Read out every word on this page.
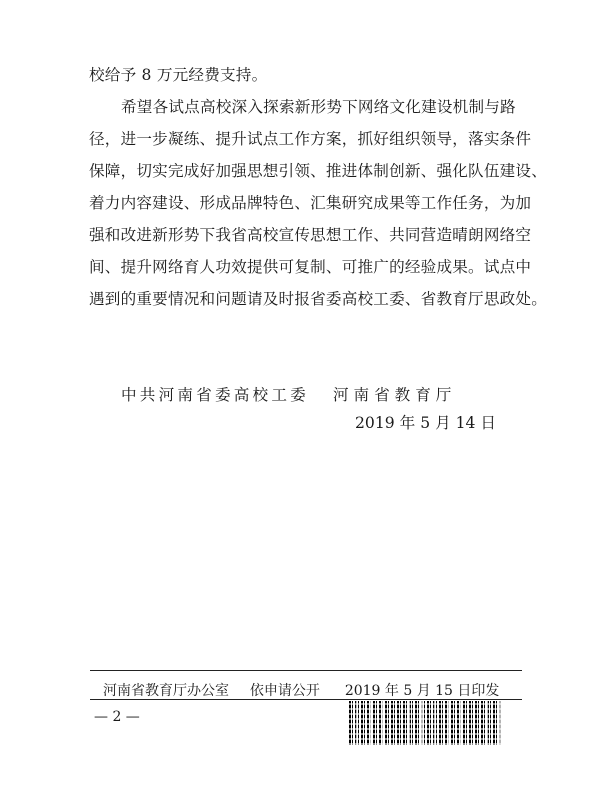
校给予 8 万元经费支持。
希望各试点高校深入探索新形势下网络文化建设机制与路
径，进一步凝练、提升试点工作方案，抓好组织领导，落实条件
保障，切实完成好加强思想引领、推进体制创新、强化队伍建设、
着力内容建设、形成品牌特色、汇集研究成果等工作任务，为加
强和改进新形势下我省高校宣传思想工作、共同营造晴朗网络空
间、提升网络育人功效提供可复制、可推广的经验成果。试点中
遇到的重要情况和问题请及时报省委高校工委、省教育厅思政处。
中共河南省委高校工委 河 南 省 教 育 厅
2019 年 5 月 14 日
河南省教育厅办公室 依申请公开 2019 年 5 月 15 日印发
— 2 —
